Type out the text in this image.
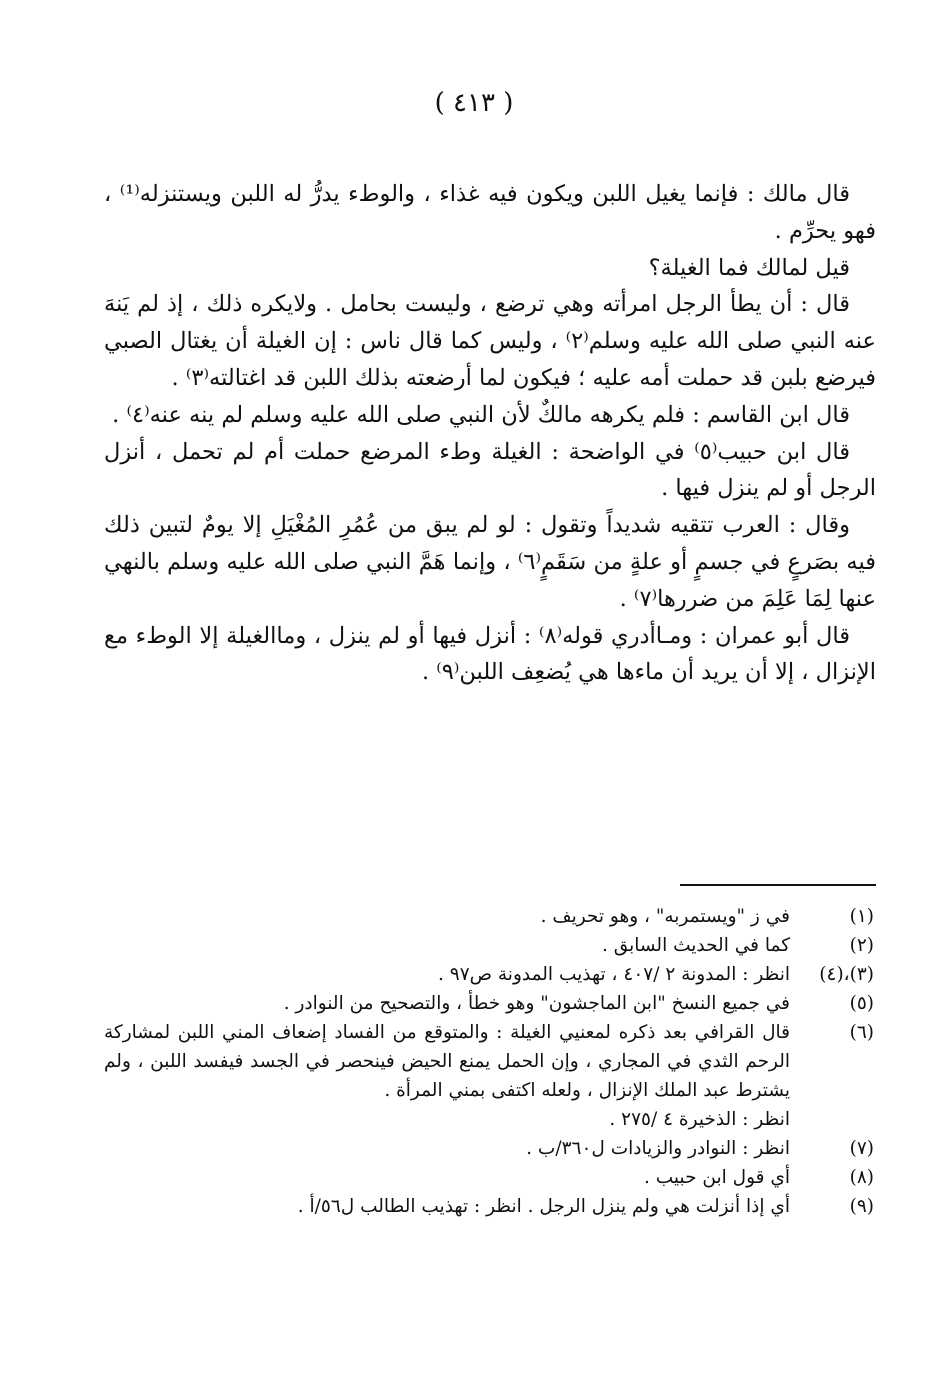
( ٤١٣ )

قال مالك : فإنما يغيل اللبن ويكون فيه غذاء ، والوطء يدرُّ له اللبن ويستنزله⁽¹⁾ ، فهو يحرِّم .

قيل لمالك فما الغيلة؟

قال : أن يطأ الرجل امرأته وهي ترضع ، وليست بحامل . ولايكره ذلك ، إذ لم يَنهَ عنه النبي صلى الله عليه وسلم⁽٢⁾ ، وليس كما قال ناس : إن الغيلة أن يغتال الصبي فيرضع بلبن قد حملت أمه عليه ؛ فيكون لما أرضعته بذلك اللبن قد اغتالته⁽٣⁾ .

قال ابن القاسم : فلم يكرهه مالكٌ لأن النبي صلى الله عليه وسلم لم ينه عنه⁽٤⁾ .

قال ابن حبيب⁽٥⁾ في الواضحة : الغيلة وطء المرضع حملت أم لم تحمل ، أنزل الرجل أو لم ينزل فيها .

وقال : العرب تتقيه شديداً وتقول : لو لم يبق من عُمُرِ المُغْيَلِ إلا يومٌ لتبين ذلك فيه بصَرعٍ في جسمٍ أو علةٍ من سَقَمٍ⁽٦⁾ ، وإنما هَمَّ النبي صلى الله عليه وسلم بالنهي عنها لِمَا عَلِمَ من ضررها⁽٧⁾ .

قال أبو عمران : ومـاأدري قوله⁽٨⁾ : أنزل فيها أو لم ينزل ، وماالغيلة إلا الوطء مع الإنزال ، إلا أن يريد أن ماءها هي يُضعِف اللبن⁽٩⁾ .

(١)
في ز "ويستمربه" ، وهو تحريف .
(٢)
كما في الحديث السابق .
(٣)،(٤)
انظر : المدونة ٢ /٤٠٧ ، تهذيب المدونة ص٩٧ .
(٥)
في جميع النسخ "ابن الماجشون" وهو خطأ ، والتصحيح من النوادر .
(٦)
قال القرافي بعد ذكره لمعنيي الغيلة : والمتوقع من الفساد إضعاف المني اللبن لمشاركة الرحم الثدي في المجاري ، وإن الحمل يمنع الحيض فينحصر في الجسد فيفسد اللبن ، ولم يشترط عبد الملك الإنزال ، ولعله اكتفى بمني المرأة .
انظر : الذخيرة ٤ /٢٧٥ .
(٧)
انظر : النوادر والزيادات ل٣٦٠/ب .
(٨)
أي قول ابن حبيب .
(٩)
أي إذا أنزلت هي ولم ينزل الرجل . انظر : تهذيب الطالب ل٥٦/أ .
